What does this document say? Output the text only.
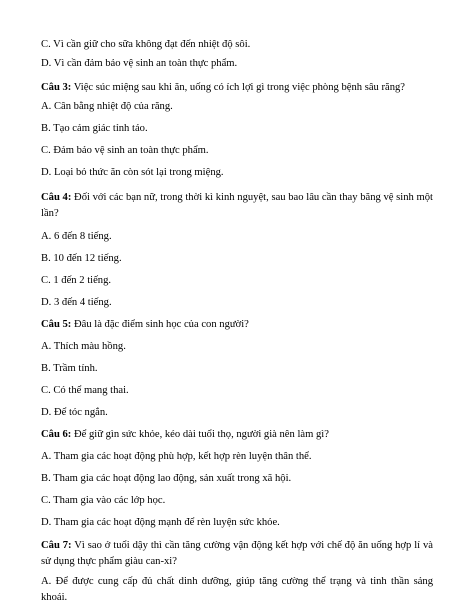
C. Vì cần giữ cho sữa không đạt đến nhiệt độ sôi.
D. Vì cần đảm bảo vệ sinh an toàn thực phẩm.
Câu 3: Việc súc miệng sau khi ăn, uống có ích lợi gì trong việc phòng bệnh sâu răng?
A. Cân bằng nhiệt độ của răng.
B. Tạo cảm giác tỉnh táo.
C. Đảm bảo vệ sinh an toàn thực phẩm.
D. Loại bỏ thức ăn còn sót lại trong miệng.
Câu 4: Đối với các bạn nữ, trong thời kì kinh nguyệt, sau bao lâu cần thay băng vệ sinh một lần?
A. 6 đến 8 tiếng.
B. 10 đến 12 tiếng.
C. 1 đến 2 tiếng.
D. 3 đến 4 tiếng.
Câu 5: Đâu là đặc điểm sinh học của con người?
A. Thích màu hồng.
B. Trầm tính.
C. Có thể mang thai.
D. Để tóc ngắn.
Câu 6: Để giữ gìn sức khỏe, kéo dài tuổi thọ, người già nên làm gì?
A. Tham gia các hoạt động phù hợp, kết hợp rèn luyện thân thể.
B. Tham gia các hoạt động lao động, sản xuất trong xã hội.
C. Tham gia vào các lớp học.
D. Tham gia các hoạt động mạnh để rèn luyện sức khỏe.
Câu 7: Vì sao ở tuổi dậy thì cần tăng cường vận động kết hợp với chế độ ăn uống hợp lí và sử dụng thực phẩm giàu can-xi?
A. Để được cung cấp đủ chất dinh dưỡng, giúp tăng cường thể trạng và tinh thần sảng khoái.
